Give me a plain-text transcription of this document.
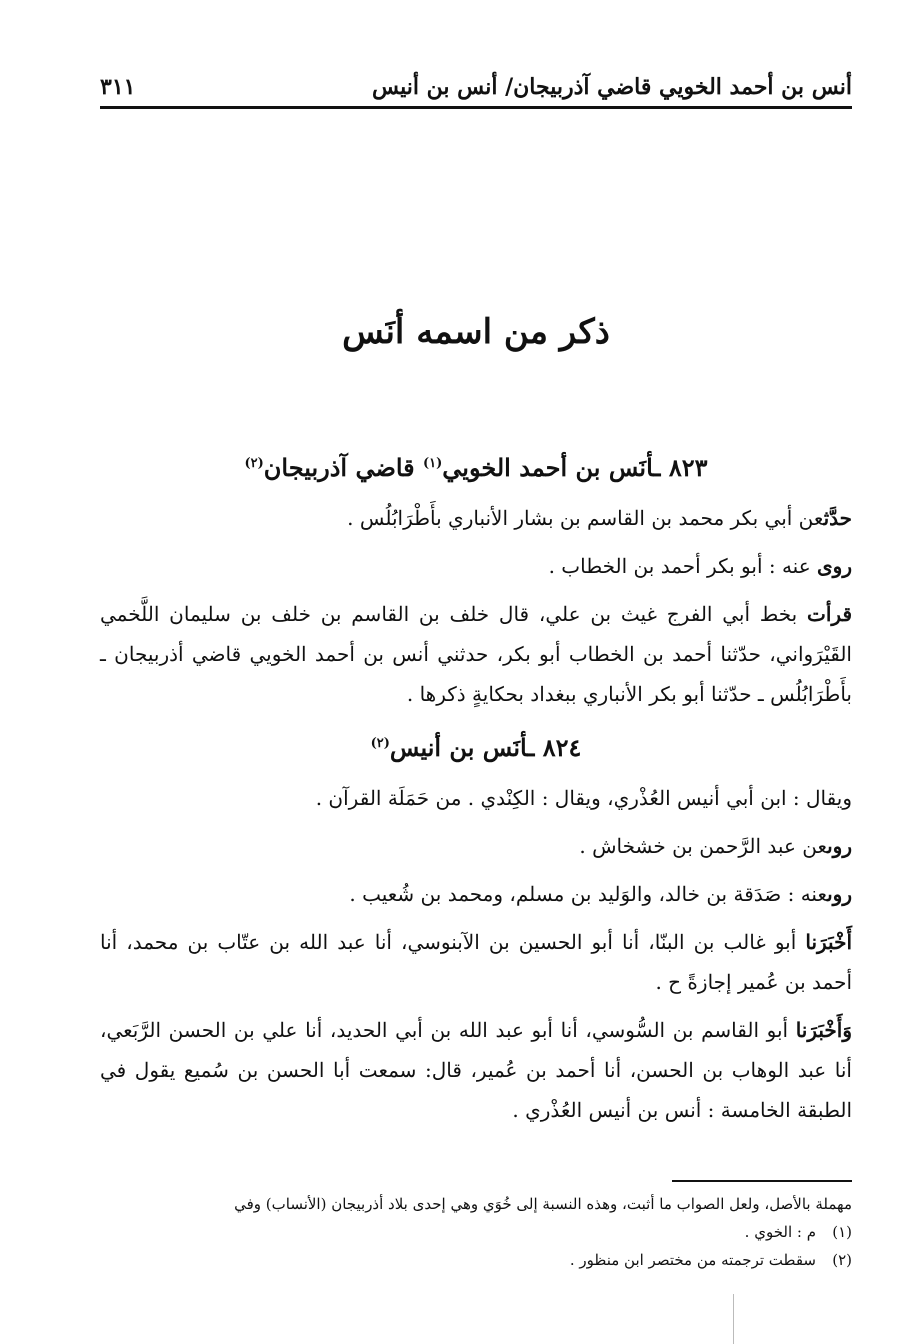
أنس بن أحمد الخويي قاضي آذربيجان/ أنس بن أنيس
٣١١
ذكر من اسمه أنَس
٨٢٣ ـأنَس بن أحمد الخويي$^{(١)}$ قاضي آذربيجان$^{(٢)}$

حدَّثعن أبي بكر محمد بن القاسم بن بشار الأنباري بأَطْرَابُلُس .

روى عنه : أبو بكر أحمد بن الخطاب .

قرأت بخط أبي الفرج غيث بن علي، قال خلف بن القاسم بن خلف بن سليمان اللَّخمي القَيْرَواني، حدّثنا أحمد بن الخطاب أبو بكر، حدثني أنس بن أحمد الخويي قاضي أذربيجان ـ بأَطْرَابُلُس ـ حدّثنا أبو بكر الأنباري ببغداد بحكايةٍ ذكرها .

٨٢٤ ـأنَس بن أنيس$^{(٢)}$

ويقال : ابن أبي أنيس العُذْري، ويقال : الكِنْدي . من حَمَلَة القرآن .

روىعن عبد الرَّحمن بن خشخاش .

روىعنه : صَدَقة بن خالد، والوَليد بن مسلم، ومحمد بن شُعيب .

أَخْبَرَنا أبو غالب بن البنّا، أنا أبو الحسين بن الآبنوسي، أنا عبد الله بن عتّاب بن محمد، أنا أحمد بن عُمير إجازةً ح .

وَأَخْبَرَنا أبو القاسم بن السُّوسي، أنا أبو عبد الله بن أبي الحديد، أنا علي بن الحسن الرَّبَعي، أنا عبد الوهاب بن الحسن، أنا أحمد بن عُمير، قال: سمعت أبا الحسن بن سُميع يقول في الطبقة الخامسة : أنس بن أنيس العُذْري .

مهملة بالأصل، ولعل الصواب ما أثبت، وهذه النسبة إلى خُوَي وهي إحدى بلاد أذربيجان (الأنساب) وفي

(١)م : الخوي .

(٢)سقطت ترجمته من مختصر ابن منظور .
